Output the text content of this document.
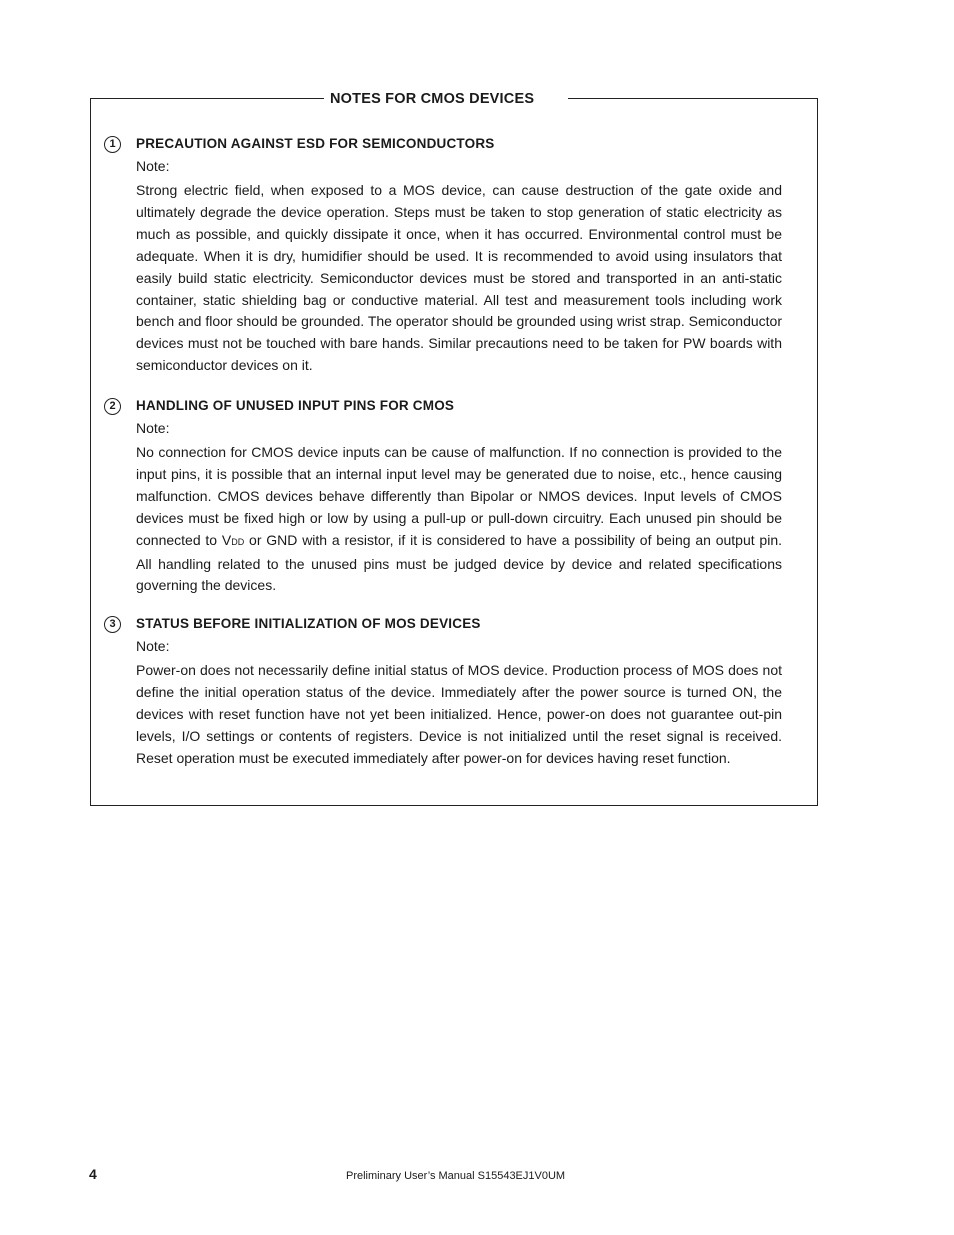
NOTES FOR CMOS DEVICES
1	PRECAUTION AGAINST ESD FOR SEMICONDUCTORS
Note:
Strong electric field, when exposed to a MOS device, can cause destruction of the gate oxide and ultimately degrade the device operation. Steps must be taken to stop generation of static electricity as much as possible, and quickly dissipate it once, when it has occurred. Environmental control must be adequate. When it is dry, humidifier should be used. It is recommended to avoid using insulators that easily build static electricity. Semiconductor devices must be stored and transported in an anti-static container, static shielding bag or conductive material. All test and measurement tools including work bench and floor should be grounded. The operator should be grounded using wrist strap. Semiconductor devices must not be touched with bare hands. Similar precautions need to be taken for PW boards with semiconductor devices on it.
2	HANDLING OF UNUSED INPUT PINS FOR CMOS
Note:
No connection for CMOS device inputs can be cause of malfunction. If no connection is provided to the input pins, it is possible that an internal input level may be generated due to noise, etc., hence causing malfunction. CMOS devices behave differently than Bipolar or NMOS devices. Input levels of CMOS devices must be fixed high or low by using a pull-up or pull-down circuitry. Each unused pin should be connected to VDD or GND with a resistor, if it is considered to have a possibility of being an output pin. All handling related to the unused pins must be judged device by device and related specifications governing the devices.
3	STATUS BEFORE INITIALIZATION OF MOS DEVICES
Note:
Power-on does not necessarily define initial status of MOS device. Production process of MOS does not define the initial operation status of the device. Immediately after the power source is turned ON, the devices with reset function have not yet been initialized. Hence, power-on does not guarantee out-pin levels, I/O settings or contents of registers. Device is not initialized until the reset signal is received. Reset operation must be executed immediately after power-on for devices having reset function.
4	Preliminary User’s Manual S15543EJ1V0UM
